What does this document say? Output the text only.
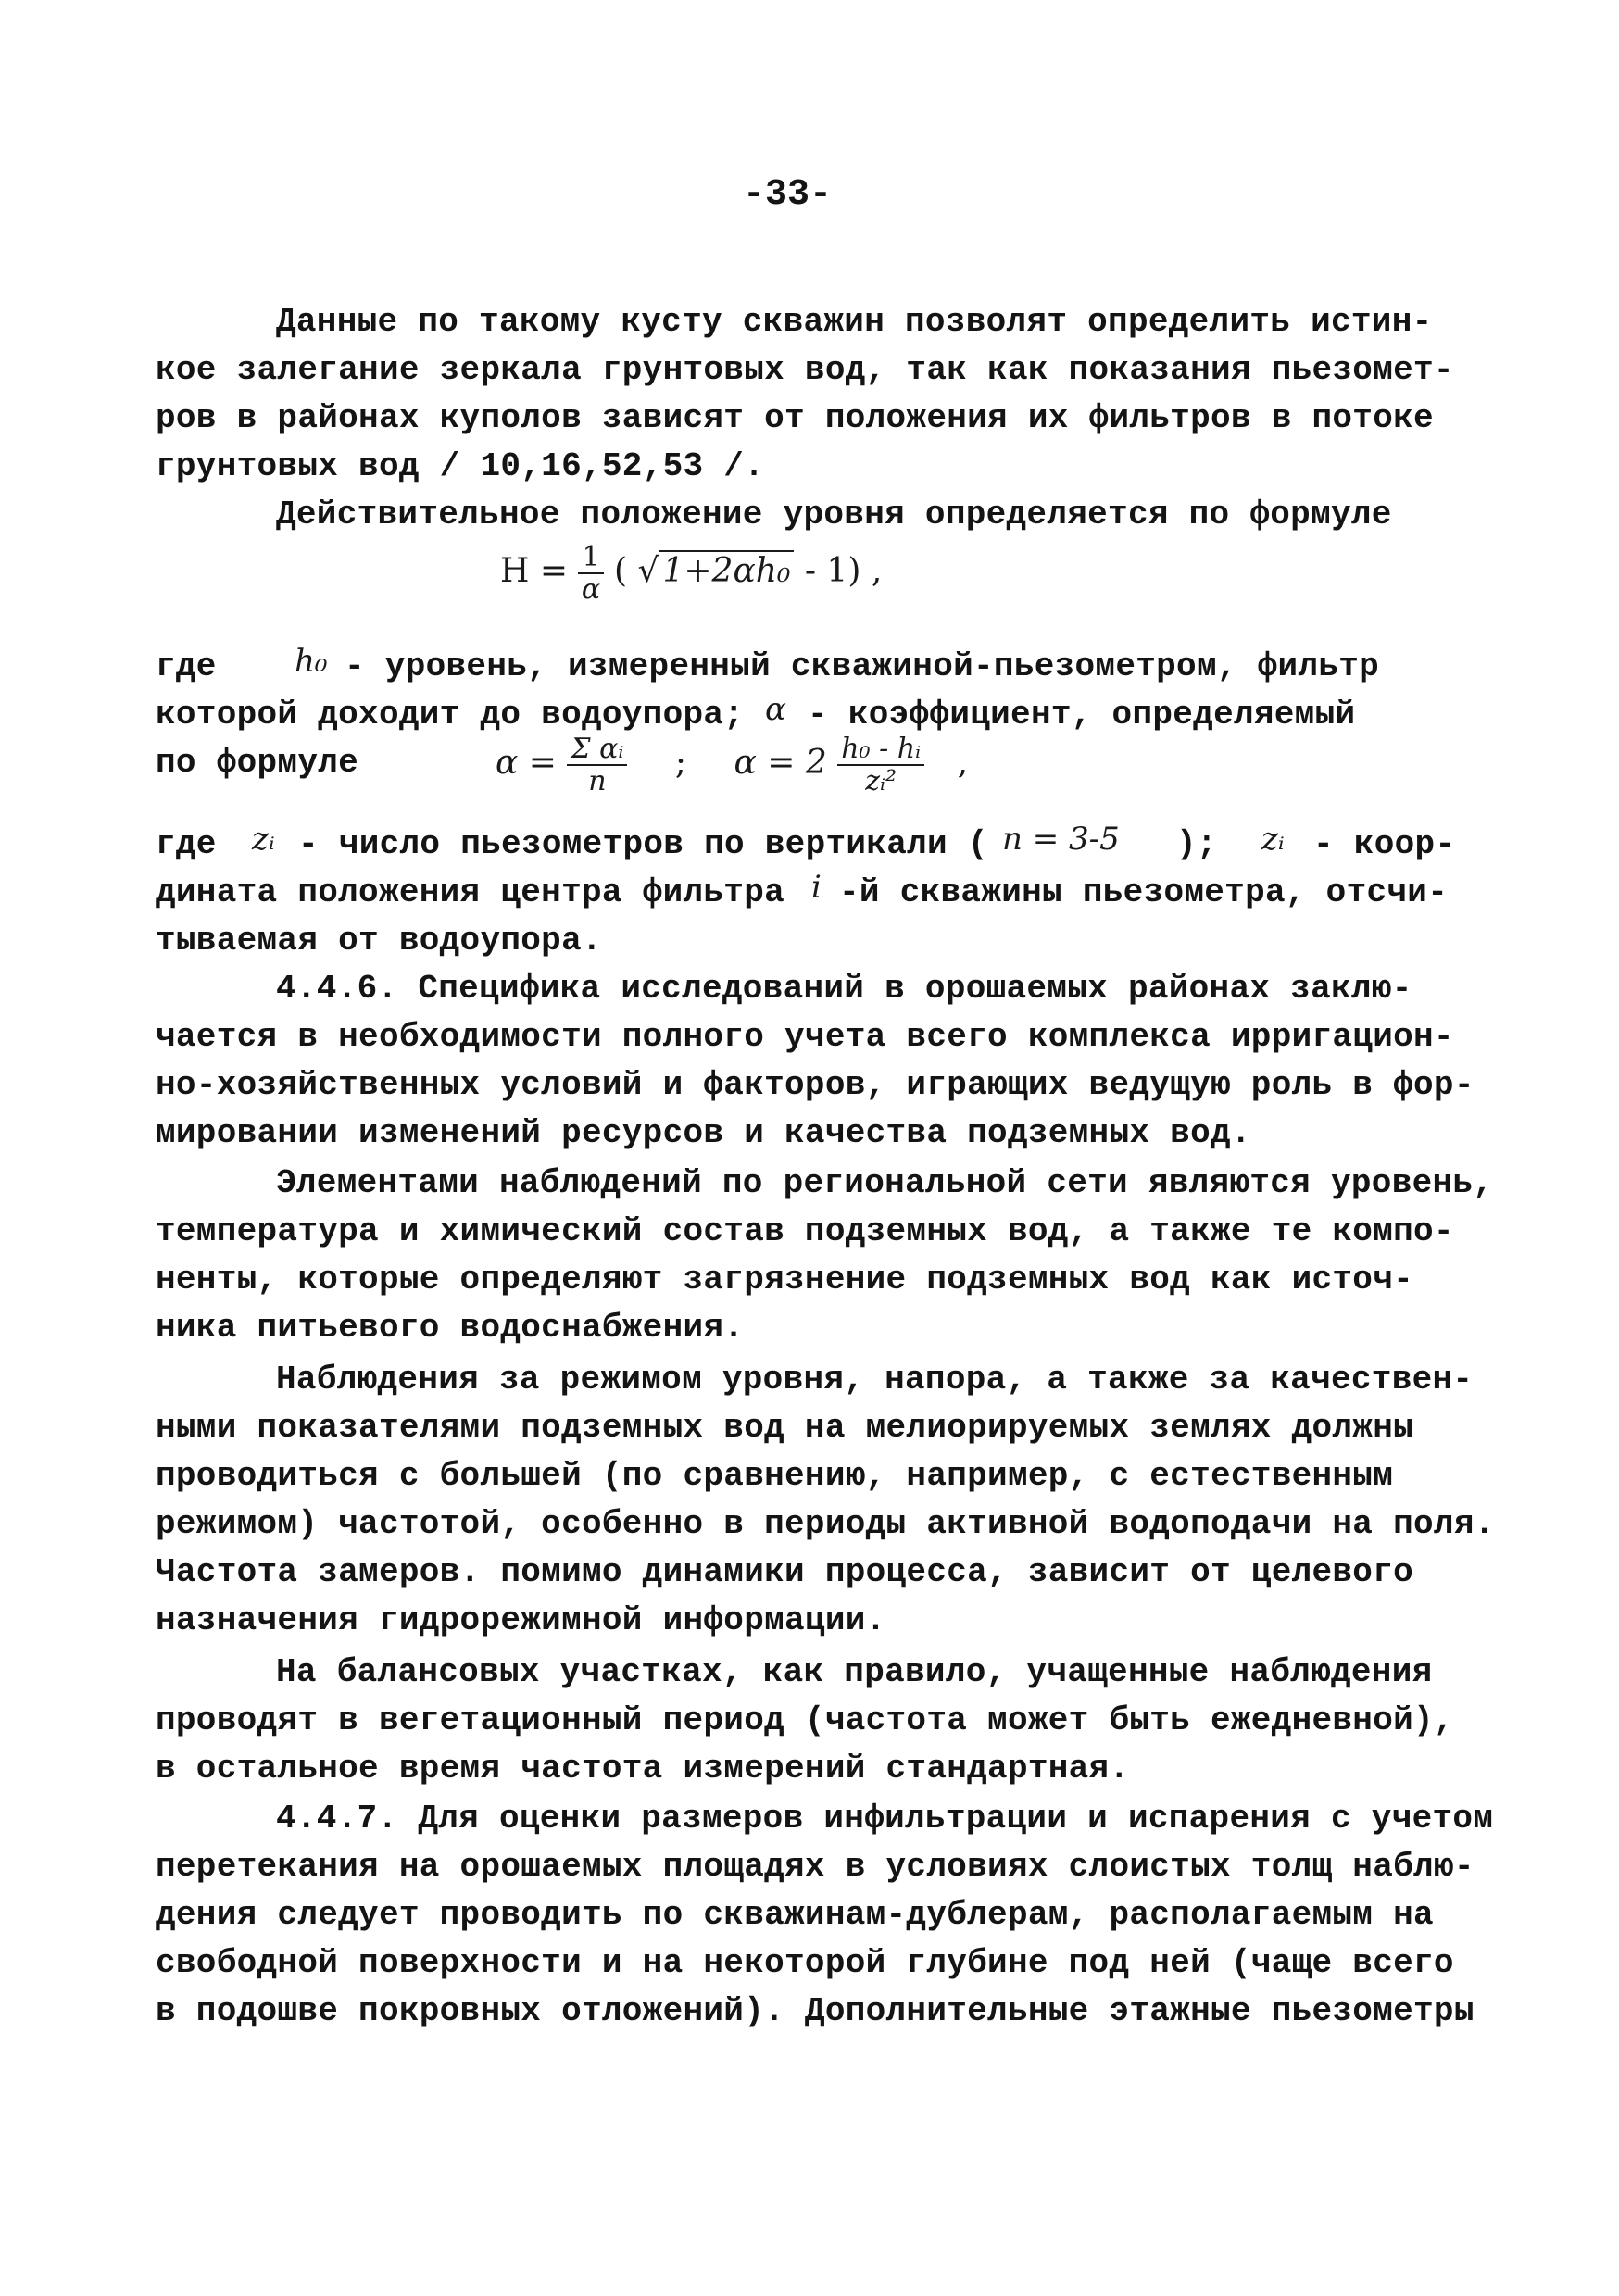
-33-
Данные по такому кусту скважин позволят определить истин-
кое залегание зеркала грунтовых вод, так как показания пьезомет-
ров в районах куполов зависят от положения их фильтров в потоке
грунтовых вод / 10,16,52,53 /.
Действительное положение уровня определяется по формуле
$H = \frac{1}{\alpha}$ ( √ 1+2αh₀ - 1) ,
где h₀ - уровень, измеренный скважиной-пьезометром, фильтр
которой доходит до водоупора; α - коэффициент, определяемый
по формуле	$\alpha = \frac{\text{Σ αᵢ}}{n}$ ; $\alpha = 2 \frac{\text{h₀ - hᵢ}}{\text{zᵢ²}}$ ,
где zᵢ - число пьезометров по вертикали ( n = 3-5 ); zᵢ - коор-
дината положения центра фильтра i -й скважины пьезометра, отсчи-
тываемая от водоупора.
4.4.6. Специфика исследований в орошаемых районах заклю-
чается в необходимости полного учета всего комплекса ирригацион-
но-хозяйственных условий и факторов, играющих ведущую роль в фор-
мировании изменений ресурсов и качества подземных вод.
Элементами наблюдений по региональной сети являются уровень,
температура и химический состав подземных вод, а также те компо-
ненты, которые определяют загрязнение подземных вод как источ-
ника питьевого водоснабжения.
Наблюдения за режимом уровня, напора, а также за качествен-
ными показателями подземных вод на мелиорируемых землях должны
проводиться с большей (по сравнению, например, с естественным
режимом) частотой, особенно в периоды активной водоподачи на поля.
Частота замеров. помимо динамики процесса, зависит от целевого
назначения гидрорежимной информации.
На балансовых участках, как правило, учащенные наблюдения
проводят в вегетационный период (частота может быть ежедневной),
в остальное время частота измерений стандартная.
4.4.7. Для оценки размеров инфильтрации и испарения с учетом
перетекания на орошаемых площадях в условиях слоистых толщ наблю-
дения следует проводить по скважинам-дублерам, располагаемым на
свободной поверхности и на некоторой глубине под ней (чаще всего
в подошве покровных отложений). Дополнительные этажные пьезометры
